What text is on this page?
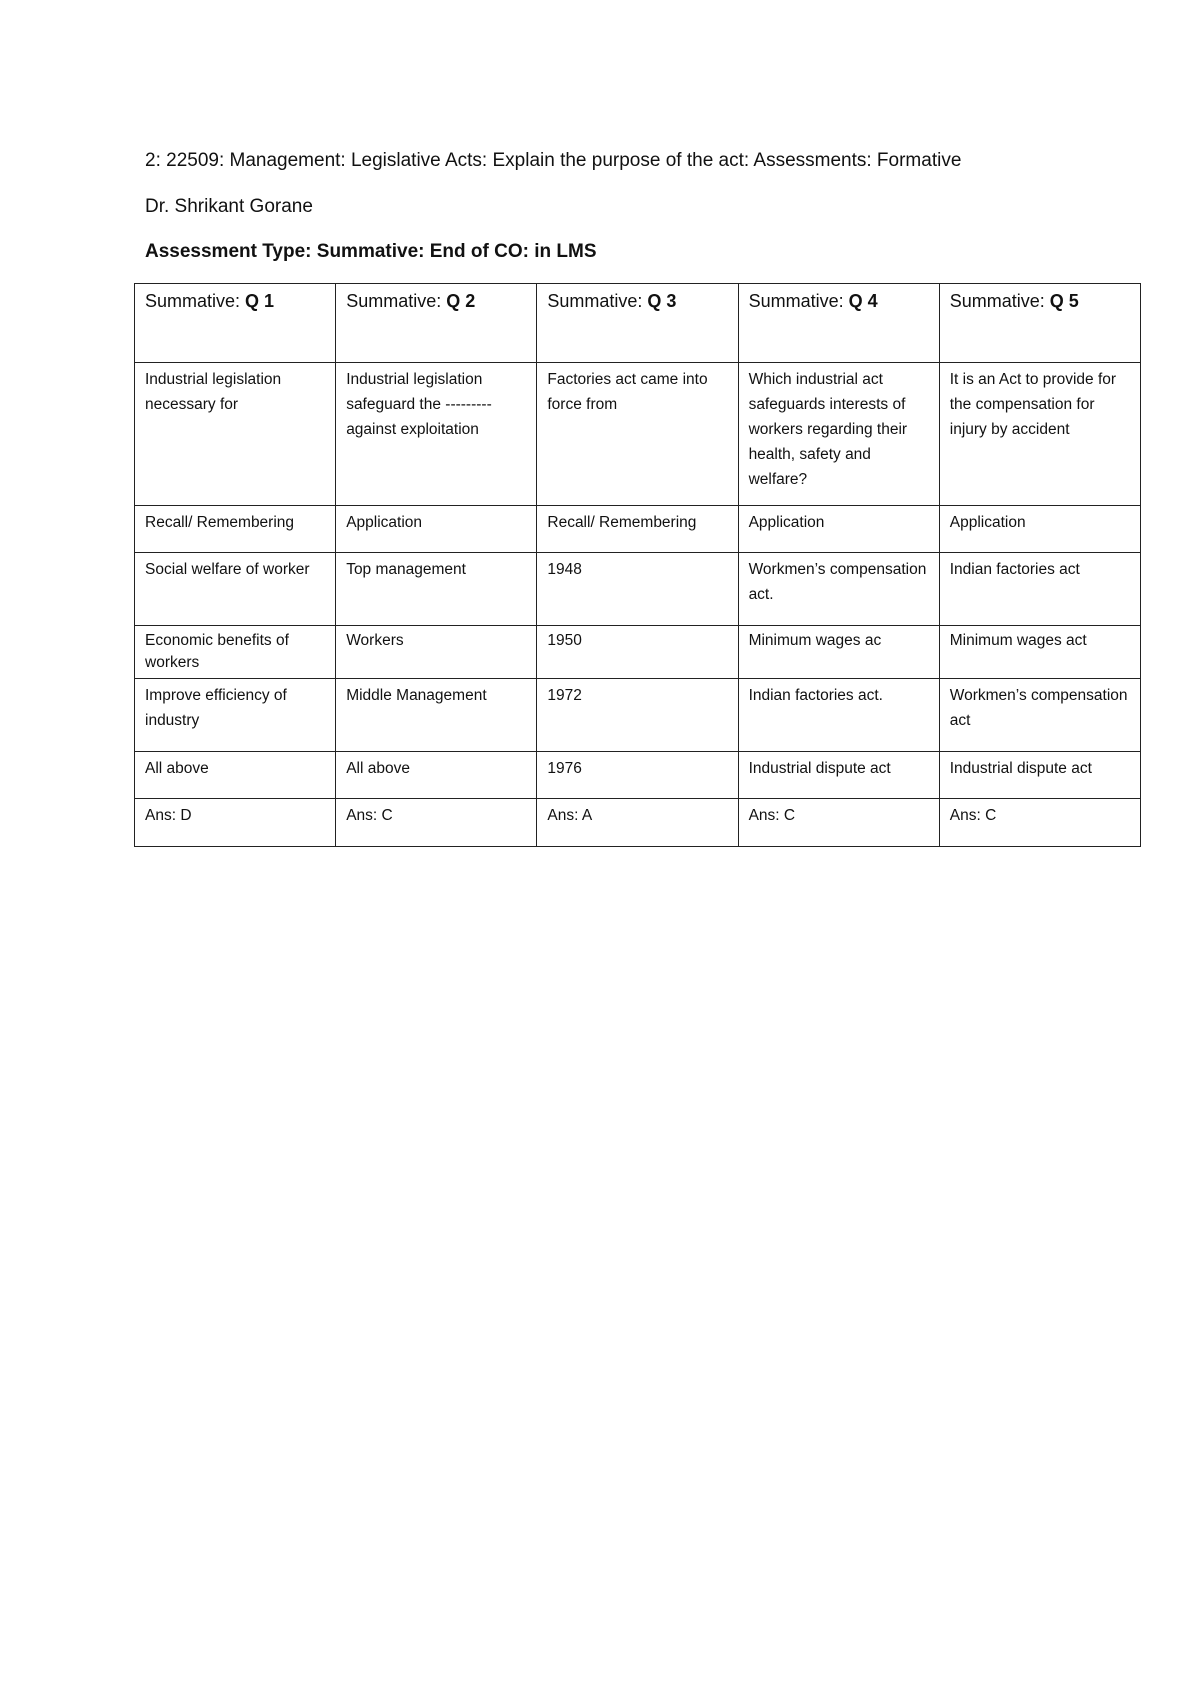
2: 22509: Management: Legislative Acts: Explain the purpose of the act: Assessments: Formative

Dr. Shrikant Gorane

Assessment Type: Summative: End of CO: in LMS

Summative: Q 1	Summative: Q 2	Summative: Q 3	Summative: Q 4	Summative: Q 5
Industrial legislation necessary for	Industrial legislation safeguard the --------- against exploitation	Factories act came into force from	Which industrial act safeguards interests of workers regarding their health, safety and welfare?	It is an Act to provide for the compensation for injury by accident
Recall/ Remembering	Application	Recall/ Remembering	Application	Application
Social welfare of worker	Top management	1948	Workmen’s compensation act.	Indian factories act
Economic benefits of workers	Workers	1950	Minimum wages ac	Minimum wages act
Improve efficiency of industry	Middle Management	1972	Indian factories act.	Workmen’s compensation act
All above	All above	1976	Industrial dispute act	Industrial dispute act
Ans: D	Ans: C	Ans: A	Ans: C	Ans: C
